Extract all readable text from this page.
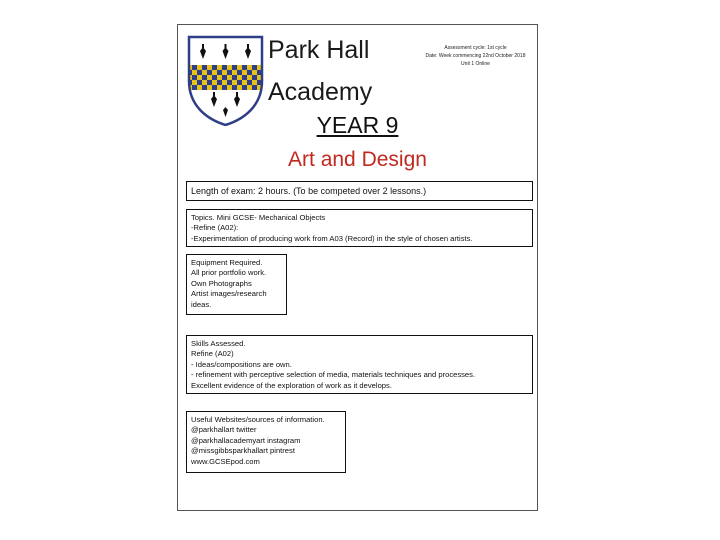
Park Hall
Academy
Assessment cycle: 1st cycle
Date: Week commencing 22nd October 2018
Unit 1 Online
YEAR 9
Art and Design
Length of exam: 2 hours. (To be competed over 2 lessons.)
Topics. Mini GCSE- Mechanical Objects
-Refine (A02):
-Experimentation of producing work from A03 (Record) in the style of chosen artists.
Equipment Required.
All prior portfolio work.
Own Photographs
Artist images/research
ideas.
Skills Assessed.
Refine (A02)
- Ideas/compositions are own.
- refinement with perceptive selection of media, materials techniques and processes.
Excellent evidence of the exploration of work as it develops.
Useful Websites/sources of information.
@parkhallart twitter
@parkhallacademyart instagram
@missgibbsparkhallart pintrest
www.GCSEpod.com
